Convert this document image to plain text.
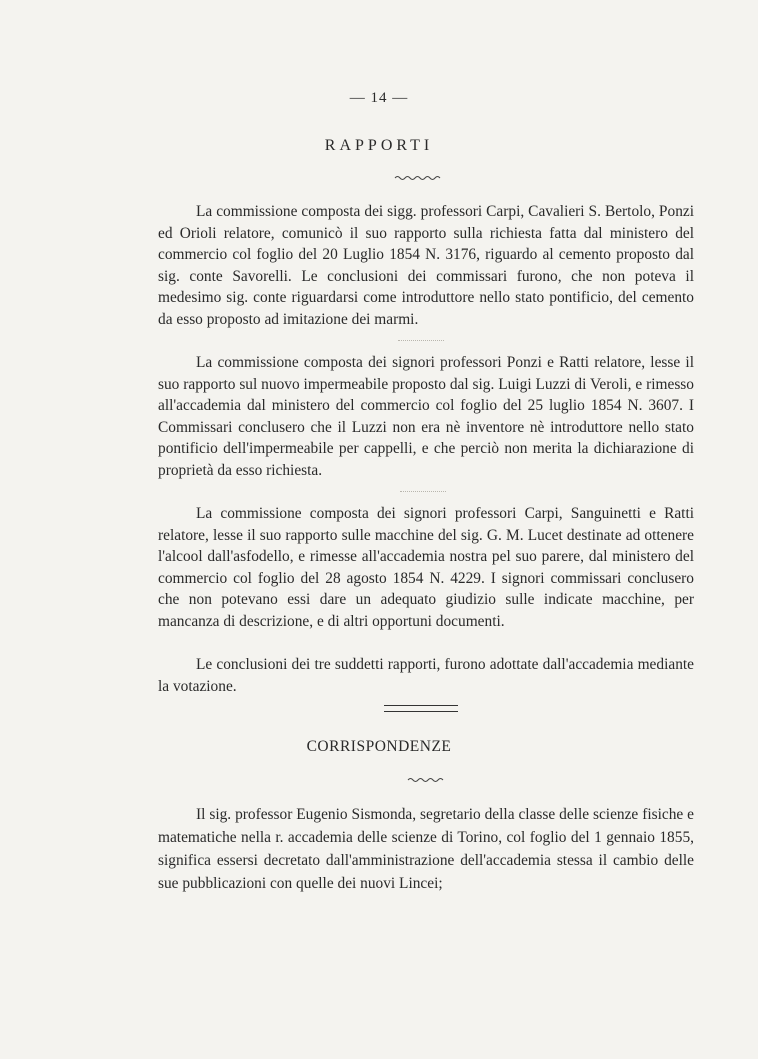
— 14 —
RAPPORTI

La commissione composta dei sigg. professori Carpi, Cavalieri S. Bertolo, Ponzi ed Orioli relatore, comunicò il suo rapporto sulla richiesta fatta dal ministero del commercio col foglio del 20 Luglio 1854 N. 3176, riguardo al cemento proposto dal sig. conte Savorelli. Le conclusioni dei commissari furono, che non poteva il medesimo sig. conte riguardarsi come introduttore nello stato pontificio, del cemento da esso proposto ad imitazione dei marmi.

La commissione composta dei signori professori Ponzi e Ratti relatore, lesse il suo rapporto sul nuovo impermeabile proposto dal sig. Luigi Luzzi di Veroli, e rimesso all'accademia dal ministero del commercio col foglio del 25 luglio 1854 N. 3607. I Commissari conclusero che il Luzzi non era nè inventore nè introduttore nello stato pontificio dell'impermeabile per cappelli, e che perciò non merita la dichiarazione di proprietà da esso richiesta.

La commissione composta dei signori professori Carpi, Sanguinetti e Ratti relatore, lesse il suo rapporto sulle macchine del sig. G. M. Lucet destinate ad ottenere l'alcool dall'asfodello, e rimesse all'accademia nostra pel suo parere, dal ministero del commercio col foglio del 28 agosto 1854 N. 4229. I signori commissari conclusero che non potevano essi dare un adequato giudizio sulle indicate macchine, per mancanza di descrizione, e di altri opportuni documenti.

Le conclusioni dei tre suddetti rapporti, furono adottate dall'accademia mediante la votazione.

CORRISPONDENZE

Il sig. professor Eugenio Sismonda, segretario della classe delle scienze fisiche e matematiche nella r. accademia delle scienze di Torino, col foglio del 1 gennaio 1855, significa essersi decretato dall'amministrazione dell'accademia stessa il cambio delle sue pubblicazioni con quelle dei nuovi Lincei;
